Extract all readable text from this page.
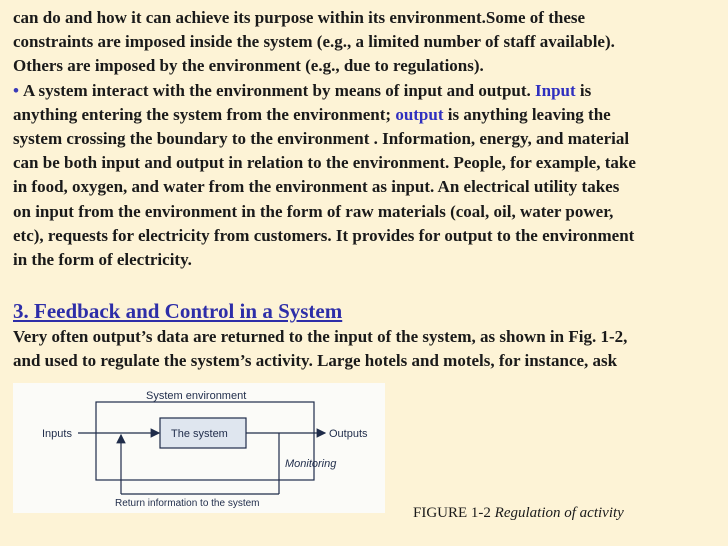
can do and how it can achieve its purpose within its environment.Some of these

constraints are imposed inside the system (e.g., a limited number of staff available).

Others are imposed by the environment (e.g., due to regulations).

• A system interact with the environment by means of input and output. Input is

anything entering the system from the environment; output is anything leaving the

system crossing the boundary to the environment . Information, energy, and material

can be both input and output in relation to the environment. People, for example, take

in food, oxygen, and water from the environment as input. An electrical utility takes

on input from the environment in the form of raw materials (coal, oil, water power,

etc), requests for electricity from customers. It provides for output to the environment

in the form of electricity.

3. Feedback and Control in a System

Very often output’s data are returned to the input of the system, as shown in Fig. 1-2,

and used to regulate the system’s activity. Large hotels and motels, for instance, ask

System environment
The system
Inputs	Outputs
Monitoring
Return information to the system
FIGURE 1-2 Regulation of activity
